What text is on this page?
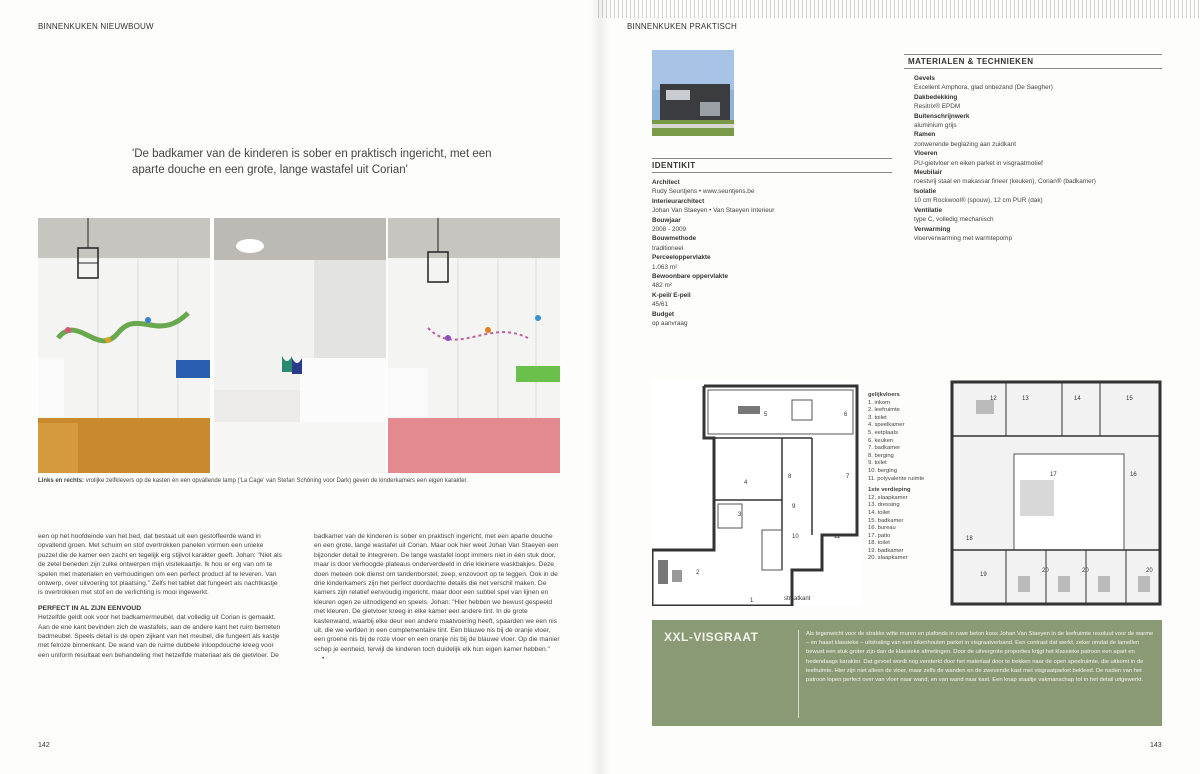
BINNENKUKEN NIEUWBOUW
'De badkamer van de kinderen is sober en praktisch ingericht, met een aparte douche en een grote, lange wastafel uit Corian'
Links en rechts: vrolijke zelfklevers op de kasten en een opvallende lamp ('La Cage' van Stefan Schöning voor Dark) geven de kinderkamers een eigen karakter.

een op het hoofdeinde van het bed, dat bestaat uit een gestoffeerde wand in opvallend groen. Met schuim en stof overtrokken panelen vormen een unieke puzzel die de kamer een zacht en tegelijk erg stijlvol karakter geeft. Johan: "Niet als de zetel beneden zijn zulke ontwerpen mijn visitekaartje. Ik hou er erg van om te spelen met materialen en verhoudingen om een perfect product af te leveren. Van ontwerp, over uitvoering tot plaatsing." Zelfs het tablet dat fungeert als nachtkastje is overtrokken met stof en de verlichting is mooi ingewerkt.

PERFECT IN AL ZIJN EENVOUD

Hetzelfde geldt ook voor het badkamermeubel, dat volledig uit Corian is gemaakt. Aan de ene kant bevinden zich de wastafels, aan de andere kant het ruim bemeten badmeubel. Speels detail is de open zijkant van het meubel, die fungeert als kastje met felroze binnenkant. De wand van de ruime dubbele inloopdouche kreeg voor een uniform resultaat een behandeling met hetzelfde materiaal als de gietvloer. De

badkamer van de kinderen is sober en praktisch ingericht, met een aparte douche en een grote, lange wastafel uit Corian. Maar ook hier weet Johan Van Staeyen een bijzonder detail te integreren. De lange wastafel loopt immers niet in één stuk door, maar is door verhoogde plateaus onderverdeeld in drie kleinere waskbakjes. Deze doen meteen ook dienst om tandenborstel, zeep, enzovoort op te leggen. Ook in de drie kinderkamers zijn het perfect doordachte details die het verschil maken. De kamers zijn relatief eenvoudig ingericht, maar door een subtiel spel van lijnen en kleuren ogen ze uitnodigend en speels. Johan: "Hier hebben we bewust gespeeld met kleuren. De gietvloer kreeg in elke kamer een andere tint. In de grote kastenwand, waarbij elke deur een andere maatvoering heeft, spaarden we een nis uit, die we verfden in een complementaire tint. Een blauwe nis bij de oranje vloer, een groene nis bij de roze vloer en een oranje nis bij de blauwe vloer. Op die manier schep je eenheid, terwijl de kinderen toch duidelijk elk hun eigen kamer hebben." •

142
BINNENKUKEN PRAKTISCH
IDENTIKIT
Architect
Rudy Seuntjens • www.seuntjens.be
Interieurarchitect
Johan Van Staeyen • Van Staeyen Interieur
Bouwjaar
2008 - 2009
Bouwmethode
traditioneel
Perceeloppervlakte
1.063 m²
Bewoonbare oppervlakte
482 m²
K-peil/ E-peil
45/61
Budget
op aanvraag
MATERIALEN & TECHNIEKEN
Gevels
Excellent Amphora, glad onbezand (De Saegher)
Dakbedekking
Resitrix® EPDM
Buitenschrijnwerk
aluminium grijs
Ramen
zonwerende beglazing aan zuidkant
Vloeren
PU-gietvloer en eiken parket in visgraatmotief
Meubilair
roestvrij staal en makassar fineer (keuken), Corian® (badkamer)
Isolatie
10 cm Rockwool® (spouw), 12 cm PUR (dak)
Ventilatie
type C, volledig mechanisch
Verwarming
vloerverwarming met warmtepomp
5	6
4
8	7
3
9
10	11
2
1	straatkant
gelijkvloers
1. inkom
2. leefruimte
3. toilet
4. speelkamer
5. eetplaats
6. keuken
7. badkamer
8. berging
9. toilet
10. berging
11. polyvalente ruimte
1ste verdieping
12. slaapkamer
13. dressing
14. toilet
15. badkamer
16. bureau
17. patio
18. toilet
19. badkamer
20. slaapkamer
12	13	14	15
16
17
18
19
20	20	20
XXL-VISGRAAT	Als tegenwicht voor de strakke witte muren en plafonds in ruwe beton koos Johan Van Staeyen in de leefruimte resoluut voor de warme – en haast klassieke – uitstraling van een eikenhouten parket in visgraatverband. Een contrast dat werkt, zeker omdat de lamellen bewust een stuk groter zijn dan de klassieke afmetingen. Door de uitvergrote proporties krijgt het klassieke patroon een apart en hedendaags karakter. Dat gevoel wordt nog versterkt door het materiaal door te trekken naar de open speelruimte, die uitkomt in de leefruimte. Hier zijn niet alleen de vloer, maar zelfs de wanden en de zwevende kast met visgraatparket bekleed. De naden van het patroon lopen perfect over van vloer naar wand, en van wand naar kast. Een knap staaltje vakmanschap tot in het detail uitgewerkt.
143
